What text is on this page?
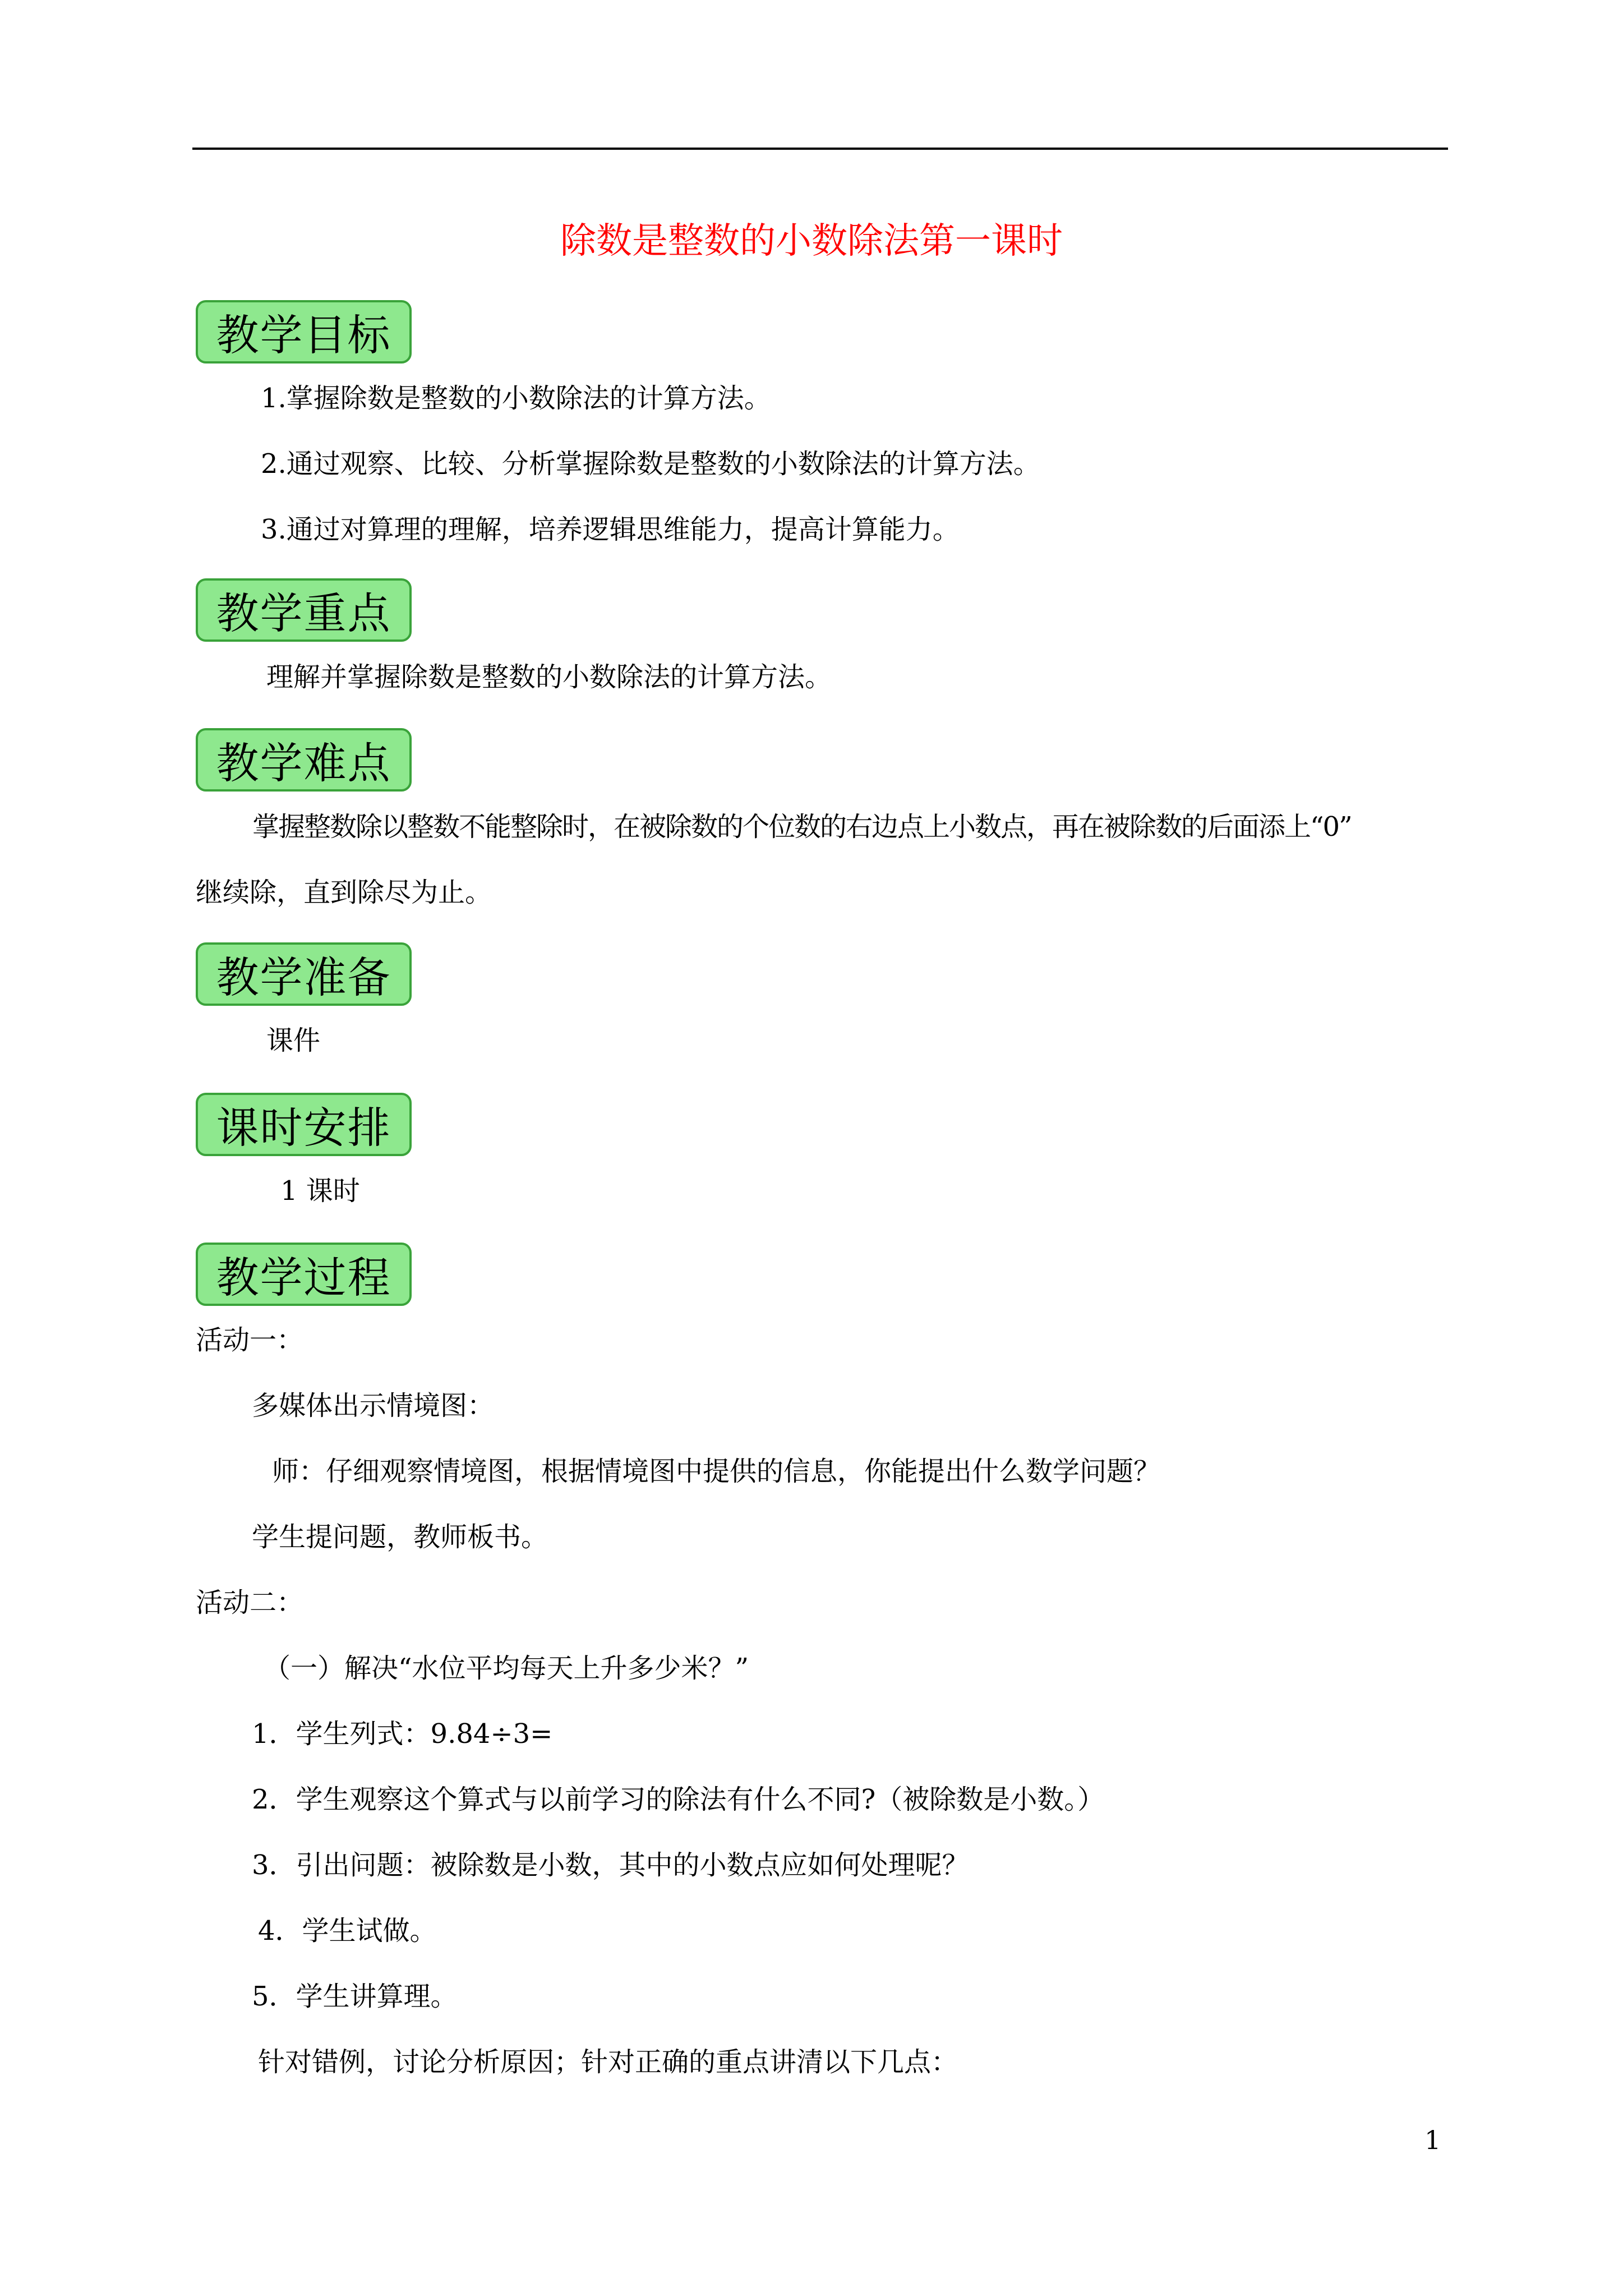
除数是整数的小数除法第一课时
教学目标

1.掌握除数是整数的小数除法的计算方法。

2.通过观察、比较、分析掌握除数是整数的小数除法的计算方法。

3.通过对算理的理解，培养逻辑思维能力，提高计算能力。

教学重点

理解并掌握除数是整数的小数除法的计算方法。

教学难点

掌握整数除以整数不能整除时，在被除数的个位数的右边点上小数点，再在被除数的后面添上“0”

继续除，直到除尽为止。

教学准备

课件

课时安排

1 课时

教学过程

活动一：

多媒体出示情境图：

师：仔细观察情境图，根据情境图中提供的信息，你能提出什么数学问题？

学生提问题，教师板书。

活动二：

（一）解决“水位平均每天上升多少米？”

1．学生列式：9.84÷3=

2．学生观察这个算式与以前学习的除法有什么不同?（被除数是小数。）

3．引出问题：被除数是小数，其中的小数点应如何处理呢？

4．学生试做。

5．学生讲算理。

针对错例，讨论分析原因；针对正确的重点讲清以下几点：

1
